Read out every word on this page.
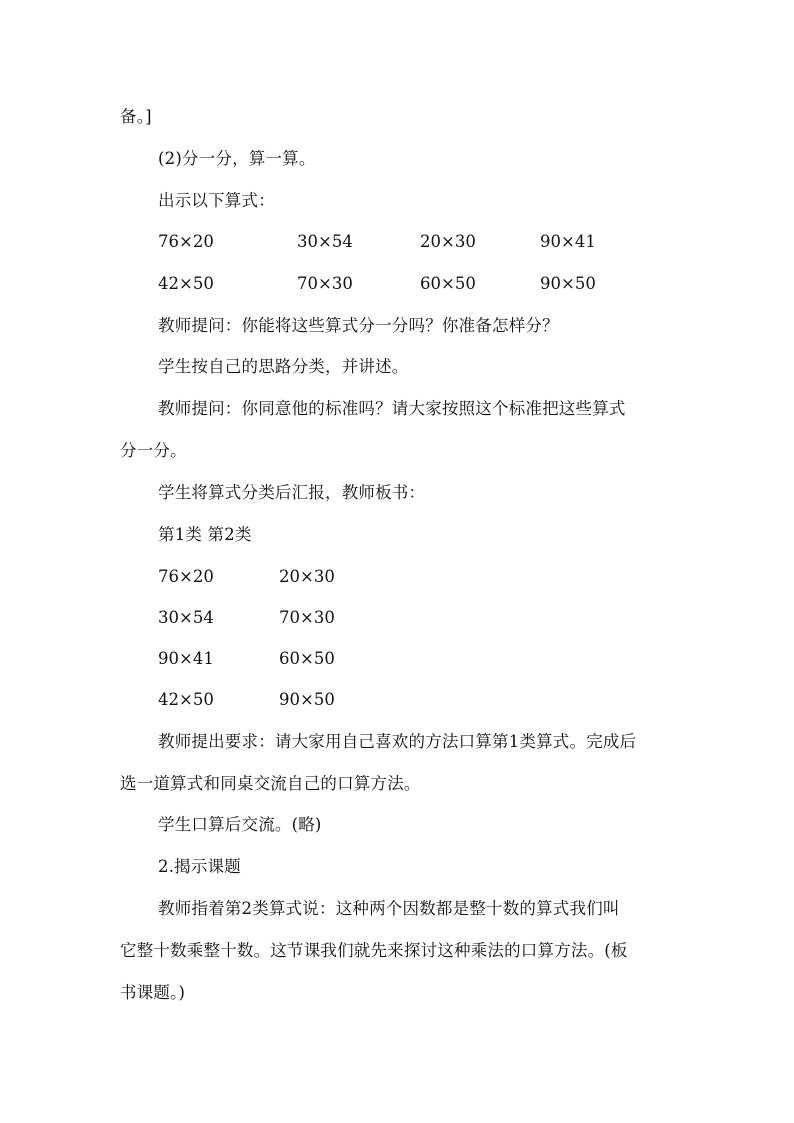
备。]
(2)分一分，算一算。
出示以下算式：
76×20	30×54	20×30	90×41
42×50	70×30	60×50	90×50
教师提问：你能将这些算式分一分吗？你准备怎样分？
学生按自己的思路分类，并讲述。
教师提问：你同意他的标准吗？请大家按照这个标准把这些算式
分一分。
学生将算式分类后汇报，教师板书：
第1类 第2类
76×20	20×30
30×54	70×30
90×41	60×50
42×50	90×50
教师提出要求：请大家用自己喜欢的方法口算第1类算式。完成后
选一道算式和同桌交流自己的口算方法。
学生口算后交流。(略)
2.揭示课题
教师指着第2类算式说：这种两个因数都是整十数的算式我们叫
它整十数乘整十数。这节课我们就先来探讨这种乘法的口算方法。(板
书课题。)
